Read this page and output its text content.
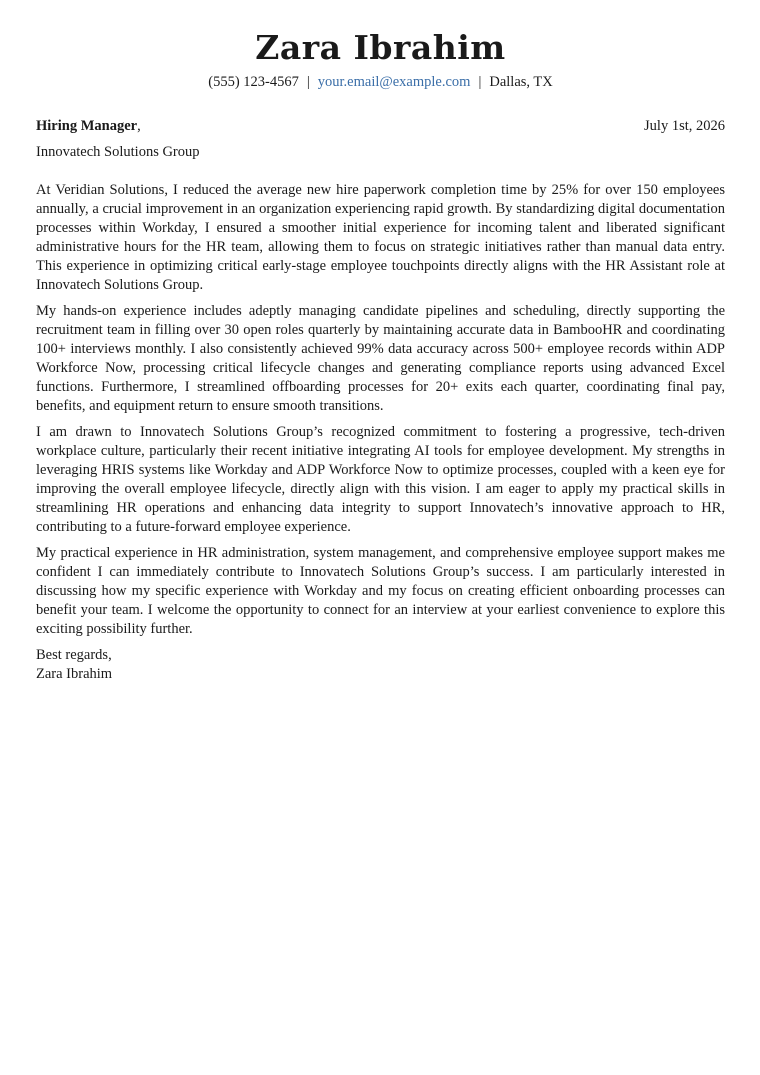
Zara Ibrahim
(555) 123-4567 | your.email@example.com | Dallas, TX
Hiring Manager,	July 1st, 2026
Innovatech Solutions Group

At Veridian Solutions, I reduced the average new hire paperwork completion time by 25% for over 150 employees annually, a crucial improvement in an organization experiencing rapid growth. By standardizing digital documentation processes within Workday, I ensured a smoother initial experience for incoming talent and liberated significant administrative hours for the HR team, allowing them to focus on strategic initiatives rather than manual data entry. This experience in optimizing critical early-stage employee touchpoints directly aligns with the HR Assistant role at Innovatech Solutions Group.

My hands-on experience includes adeptly managing candidate pipelines and scheduling, directly supporting the recruitment team in filling over 30 open roles quarterly by maintaining accurate data in BambooHR and coordinating 100+ interviews monthly. I also consistently achieved 99% data accuracy across 500+ employee records within ADP Workforce Now, processing critical lifecycle changes and generating compliance reports using advanced Excel functions. Furthermore, I streamlined offboarding processes for 20+ exits each quarter, coordinating final pay, benefits, and equipment return to ensure smooth transitions.

I am drawn to Innovatech Solutions Group’s recognized commitment to fostering a progressive, tech-driven workplace culture, particularly their recent initiative integrating AI tools for employee development. My strengths in leveraging HRIS systems like Workday and ADP Workforce Now to optimize processes, coupled with a keen eye for improving the overall employee lifecycle, directly align with this vision. I am eager to apply my practical skills in streamlining HR operations and enhancing data integrity to support Innovatech’s innovative approach to HR, contributing to a future-forward employee experience.

My practical experience in HR administration, system management, and comprehensive employee support makes me confident I can immediately contribute to Innovatech Solutions Group’s success. I am particularly interested in discussing how my specific experience with Workday and my focus on creating efficient onboarding processes can benefit your team. I welcome the opportunity to connect for an interview at your earliest convenience to explore this exciting possibility further.

Best regards,
Zara Ibrahim
